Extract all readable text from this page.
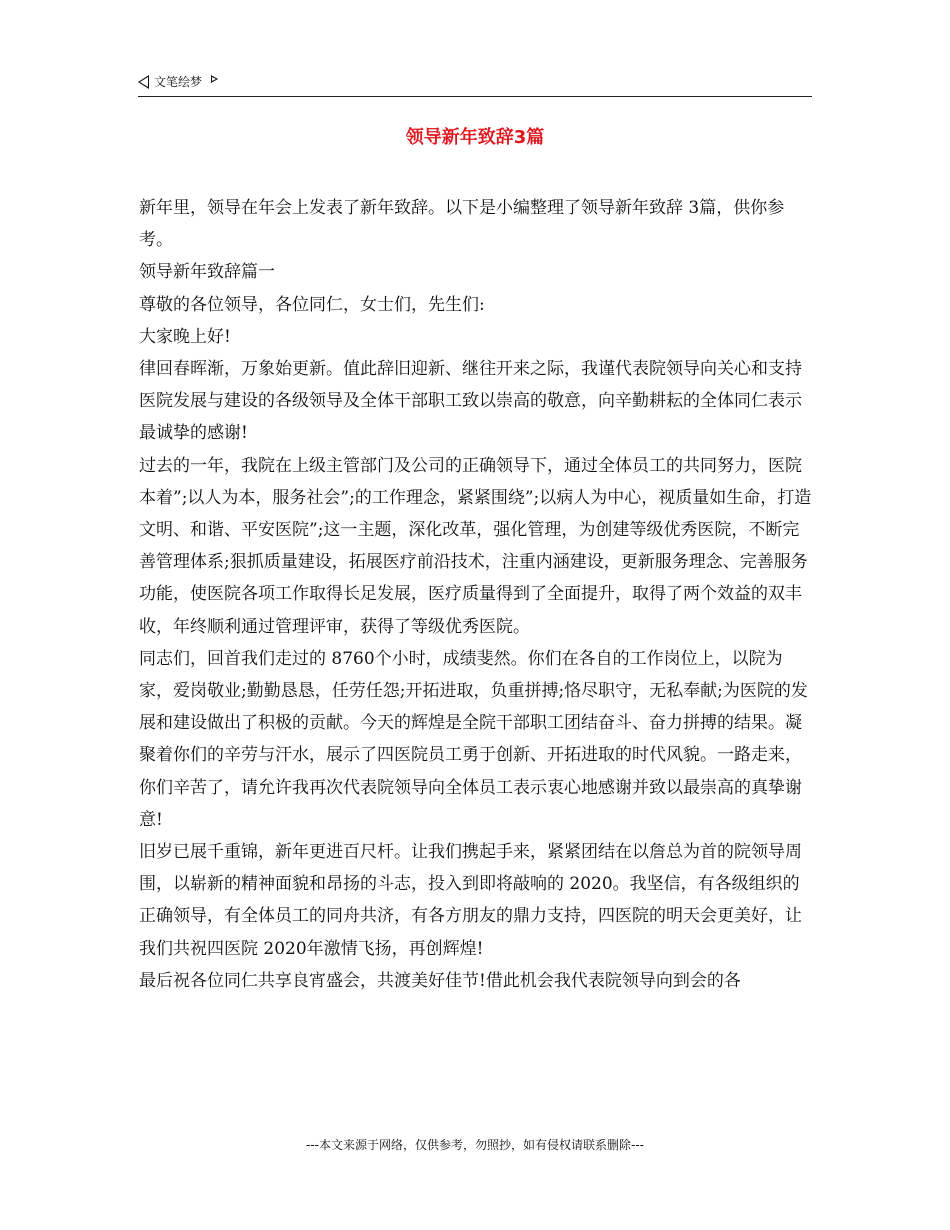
文笔绘梦
领导新年致辞3篇

新年里，领导在年会上发表了新年致辞。以下是小编整理了领导新年致辞 3篇，供你参考。

领导新年致辞篇一

尊敬的各位领导，各位同仁，女士们，先生们:

大家晚上好!

律回春晖渐，万象始更新。值此辞旧迎新、继往开来之际，我谨代表院领导向关心和支持医院发展与建设的各级领导及全体干部职工致以崇高的敬意，向辛勤耕耘的全体同仁表示最诚挚的感谢!

过去的一年，我院在上级主管部门及公司的正确领导下，通过全体员工的共同努力，医院本着”;以人为本，服务社会”;的工作理念，紧紧围绕”;以病人为中心，视质量如生命，打造文明、和谐、平安医院”;这一主题，深化改革，强化管理，为创建等级优秀医院，不断完善管理体系;狠抓质量建设，拓展医疗前沿技术，注重内涵建设，更新服务理念、完善服务功能，使医院各项工作取得长足发展，医疗质量得到了全面提升，取得了两个效益的双丰收，年终顺利通过管理评审，获得了等级优秀医院。

同志们，回首我们走过的 8760个小时，成绩斐然。你们在各自的工作岗位上，以院为家，爱岗敬业;勤勤恳恳，任劳任怨;开拓进取，负重拼搏;恪尽职守，无私奉献;为医院的发展和建设做出了积极的贡献。今天的辉煌是全院干部职工团结奋斗、奋力拼搏的结果。凝聚着你们的辛劳与汗水，展示了四医院员工勇于创新、开拓进取的时代风貌。一路走来，你们辛苦了，请允许我再次代表院领导向全体员工表示衷心地感谢并致以最崇高的真挚谢意!

旧岁已展千重锦，新年更进百尺杆。让我们携起手来，紧紧团结在以詹总为首的院领导周围，以崭新的精神面貌和昂扬的斗志，投入到即将敲响的 2020。我坚信，有各级组织的正确领导，有全体员工的同舟共济，有各方朋友的鼎力支持，四医院的明天会更美好，让我们共祝四医院 2020年激情飞扬，再创辉煌!

最后祝各位同仁共享良宵盛会，共渡美好佳节!借此机会我代表院领导向到会的各

---本文来源于网络，仅供参考，勿照抄，如有侵权请联系删除---
